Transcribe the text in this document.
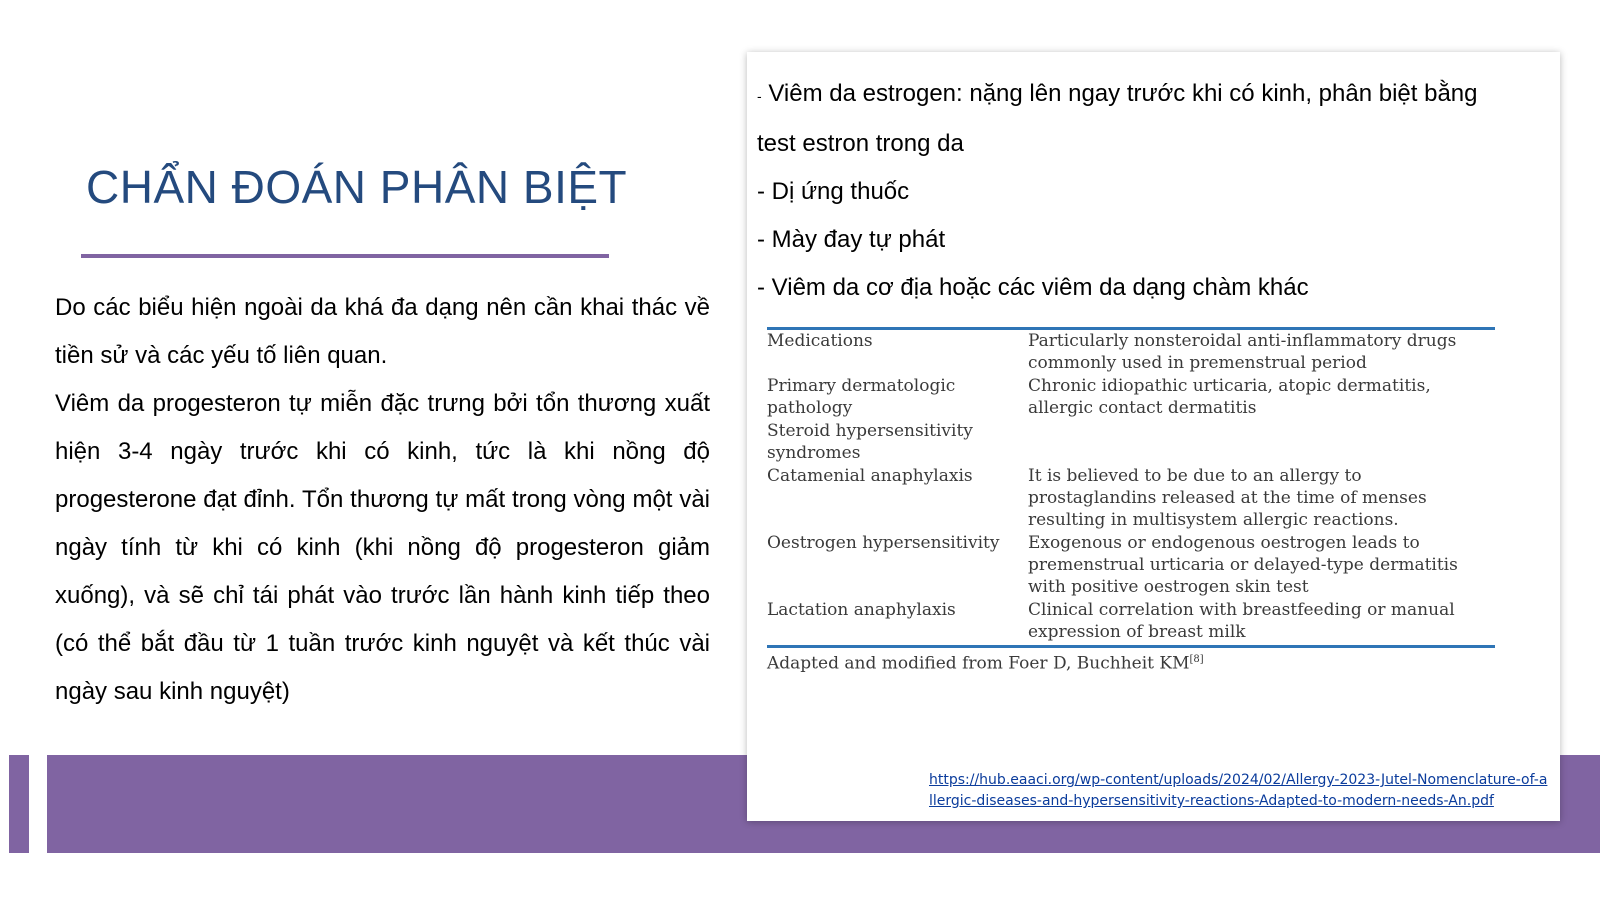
CHẨN ĐOÁN PHÂN BIỆT

Do các biểu hiện ngoài da khá đa dạng nên cần khai thác về tiền sử và các yếu tố liên quan.

Viêm da progesteron tự miễn đặc trưng bởi tổn thương xuất hiện 3-4 ngày trước khi có kinh, tức là khi nồng độ progesterone đạt đỉnh. Tổn thương tự mất trong vòng một vài ngày tính từ khi có kinh (khi nồng độ progesteron giảm xuống), và sẽ chỉ tái phát vào trước lần hành kinh tiếp theo (có thể bắt đầu từ 1 tuần trước kinh nguyệt và kết thúc vài ngày sau kinh nguyệt)

- Viêm da estrogen: nặng lên ngay trước khi có kinh, phân biệt bằng test estron trong da

- Dị ứng thuốc

- Mày đay tự phát

- Viêm da cơ địa hoặc các viêm da dạng chàm khác

Medications	Particularly nonsteroidal anti-inflammatory drugs commonly used in premenstrual period
Primary dermatologic pathology	Chronic idiopathic urticaria, atopic dermatitis, allergic contact dermatitis
Steroid hypersensitivity syndromes	
Catamenial anaphylaxis	It is believed to be due to an allergy to prostaglandins released at the time of menses resulting in multisystem allergic reactions.
Oestrogen hypersensitivity	Exogenous or endogenous oestrogen leads to premenstrual urticaria or delayed-type dermatitis with positive oestrogen skin test
Lactation anaphylaxis	Clinical correlation with breastfeeding or manual expression of breast milk
Adapted and modified from Foer D, Buchheit KM[8]
https://hub.eaaci.org/wp-content/uploads/2024/02/Allergy-2023-Jutel-Nomenclature-of-allergic-diseases-and-hypersensitivity-reactions-Adapted-to-modern-needs-An.pdf
